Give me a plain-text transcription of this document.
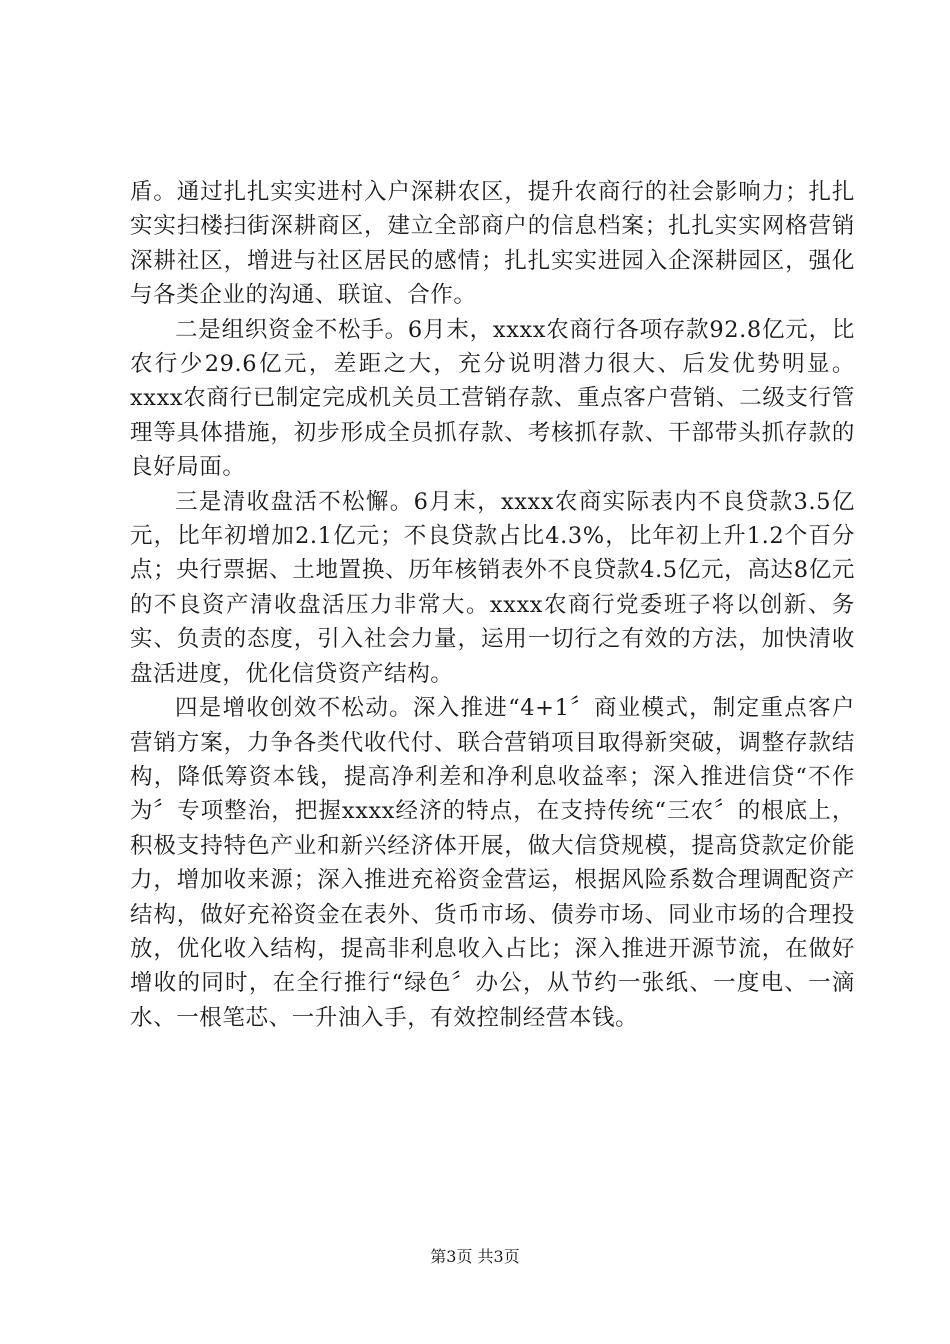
盾。通过扎扎实实进村入户深耕农区，提升农商行的社会影响力；扎扎实实扫楼扫街深耕商区，建立全部商户的信息档案；扎扎实实网格营销深耕社区，增进与社区居民的感情；扎扎实实进园入企深耕园区，强化与各类企业的沟通、联谊、合作。

二是组织资金不松手。6月末，xxxx农商行各项存款92.8亿元，比农行少29.6亿元，差距之大，充分说明潜力很大、后发优势明显。xxxx农商行已制定完成机关员工营销存款、重点客户营销、二级支行管理等具体措施，初步形成全员抓存款、考核抓存款、干部带头抓存款的良好局面。

三是清收盘活不松懈。6月末，xxxx农商实际表内不良贷款3.5亿元，比年初增加2.1亿元；不良贷款占比4.3%，比年初上升1.2个百分点；央行票据、土地置换、历年核销表外不良贷款4.5亿元，高达8亿元的不良资产清收盘活压力非常大。xxxx农商行党委班子将以创新、务实、负责的态度，引入社会力量，运用一切行之有效的方法，加快清收盘活进度，优化信贷资产结构。

四是增收创效不松动。深入推进“4+1〞商业模式，制定重点客户营销方案，力争各类代收代付、联合营销项目取得新突破，调整存款结构，降低筹资本钱，提高净利差和净利息收益率；深入推进信贷“不作为〞专项整治，把握xxxx经济的特点，在支持传统“三农〞的根底上，积极支持特色产业和新兴经济体开展，做大信贷规模，提高贷款定价能力，增加收来源；深入推进充裕资金营运，根据风险系数合理调配资产结构，做好充裕资金在表外、货币市场、债券市场、同业市场的合理投放，优化收入结构，提高非利息收入占比；深入推进开源节流，在做好增收的同时，在全行推行“绿色〞办公，从节约一张纸、一度电、一滴水、一根笔芯、一升油入手，有效控制经营本钱。

第3页 共3页
